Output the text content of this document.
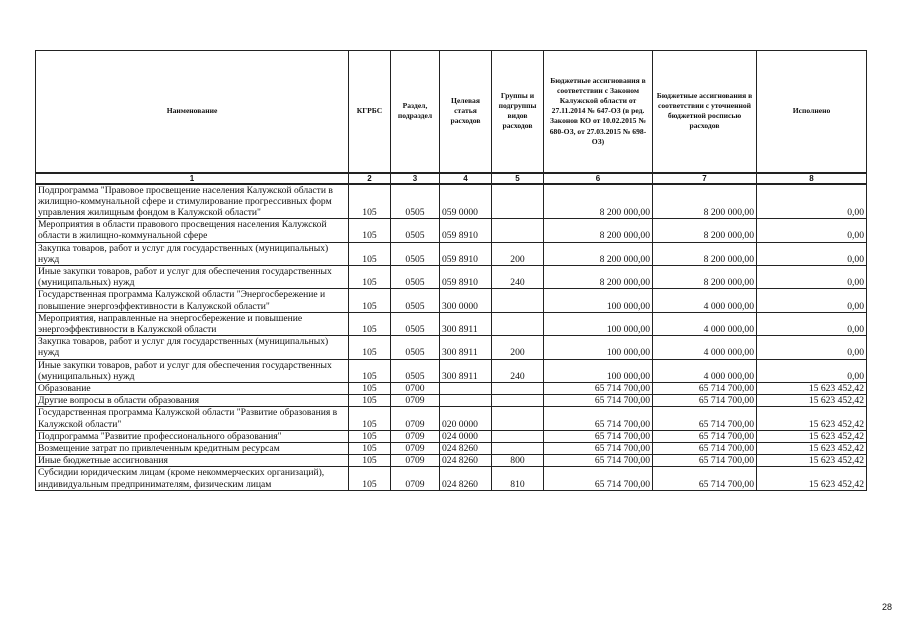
Наименование	КГРБС	Раздел, подраздел	Целевая статья расходов	Группы и подгруппы видов расходов	Бюджетные ассигнования в соответствии с Законом Калужской области от 27.11.2014 № 647-ОЗ (в ред. Законов КО от 10.02.2015 № 680-ОЗ, от 27.03.2015 № 698-ОЗ)	Бюджетные ассигнования в соответствии с уточненной бюджетной росписью расходов	Исполнено
1	2	3	4	5	6	7	8
Подпрограмма "Правовое просвещение населения Калужской области в жилищно-коммунальной сфере и стимулирование прогрессивных форм управления жилищным фондом в Калужской области"	105	0505	059 0000		8 200 000,00	8 200 000,00	0,00
Мероприятия в области правового просвещения населения Калужской области в жилищно-коммунальной сфере	105	0505	059 8910		8 200 000,00	8 200 000,00	0,00
Закупка товаров, работ и услуг для государственных (муниципальных) нужд	105	0505	059 8910	200	8 200 000,00	8 200 000,00	0,00
Иные закупки товаров, работ и услуг для обеспечения государственных (муниципальных) нужд	105	0505	059 8910	240	8 200 000,00	8 200 000,00	0,00
Государственная программа Калужской области "Энергосбережение и повышение энергоэффективности в Калужской области"	105	0505	300 0000		100 000,00	4 000 000,00	0,00
Мероприятия, направленные на энергосбережение и повышение энергоэффективности в Калужской области	105	0505	300 8911		100 000,00	4 000 000,00	0,00
Закупка товаров, работ и услуг для государственных (муниципальных) нужд	105	0505	300 8911	200	100 000,00	4 000 000,00	0,00
Иные закупки товаров, работ и услуг для обеспечения государственных (муниципальных) нужд	105	0505	300 8911	240	100 000,00	4 000 000,00	0,00
Образование	105	0700			65 714 700,00	65 714 700,00	15 623 452,42
Другие вопросы в области образования	105	0709			65 714 700,00	65 714 700,00	15 623 452,42
Государственная программа Калужской области "Развитие образования в Калужской области"	105	0709	020 0000		65 714 700,00	65 714 700,00	15 623 452,42
Подпрограмма "Развитие профессионального образования"	105	0709	024 0000		65 714 700,00	65 714 700,00	15 623 452,42
Возмещение затрат по привлеченным кредитным ресурсам	105	0709	024 8260		65 714 700,00	65 714 700,00	15 623 452,42
Иные бюджетные ассигнования	105	0709	024 8260	800	65 714 700,00	65 714 700,00	15 623 452,42
Субсидии юридическим лицам (кроме некоммерческих организаций), индивидуальным предпринимателям, физическим лицам	105	0709	024 8260	810	65 714 700,00	65 714 700,00	15 623 452,42
28
